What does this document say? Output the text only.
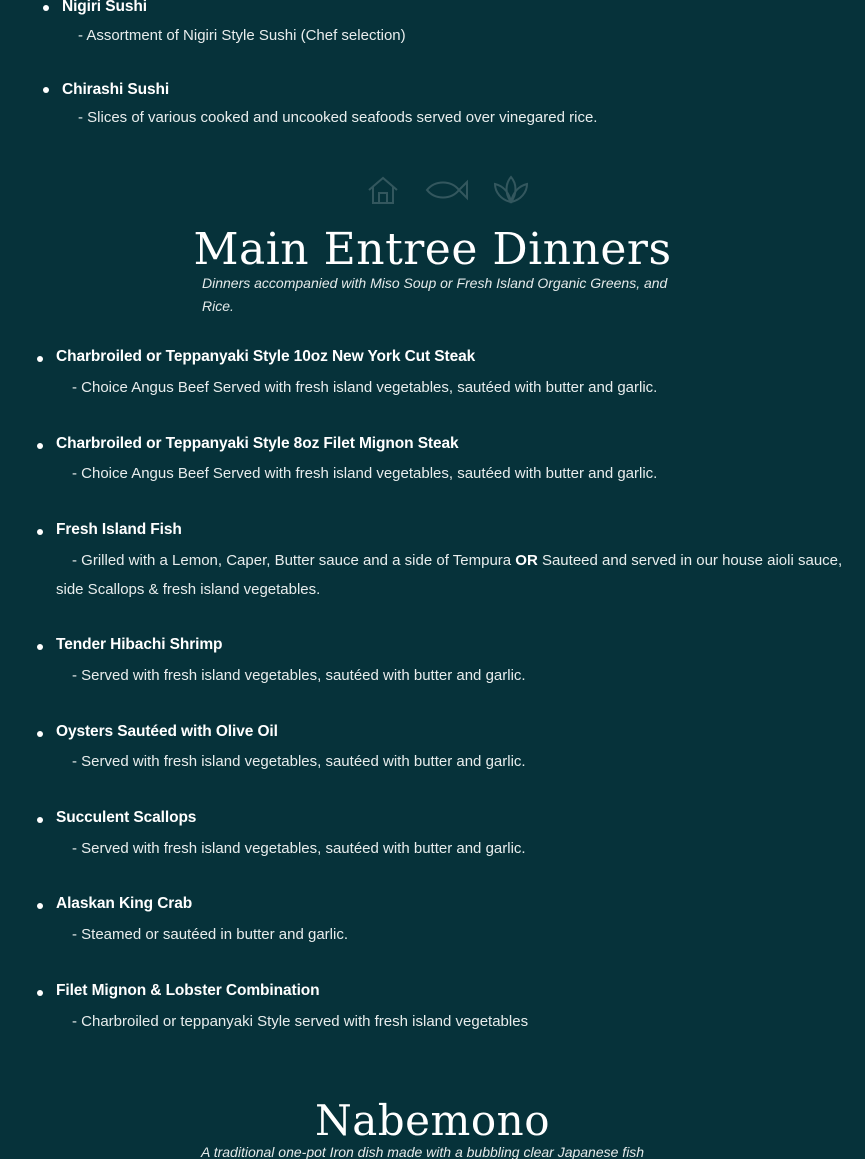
Nigiri Sushi
- Assortment of Nigiri Style Sushi (Chef selection)
Chirashi Sushi
- Slices of various cooked and uncooked seafoods served over vinegared rice.
Main Entree Dinners
Dinners accompanied with Miso Soup or Fresh Island Organic Greens, and Rice.
Charbroiled or Teppanyaki Style 10oz New York Cut Steak
- Choice Angus Beef Served with fresh island vegetables, sautéed with butter and garlic.
Charbroiled or Teppanyaki Style 8oz Filet Mignon Steak
- Choice Angus Beef Served with fresh island vegetables, sautéed with butter and garlic.
Fresh Island Fish
- Grilled with a Lemon, Caper, Butter sauce and a side of Tempura OR Sauteed and served in our house aioli sauce, side Scallops & fresh island vegetables.
Tender Hibachi Shrimp
- Served with fresh island vegetables, sautéed with butter and garlic.
Oysters Sautéed with Olive Oil
- Served with fresh island vegetables, sautéed with butter and garlic.
Succulent Scallops
- Served with fresh island vegetables, sautéed with butter and garlic.
Alaskan King Crab
- Steamed or sautéed in butter and garlic.
Filet Mignon & Lobster Combination
- Charbroiled or teppanyaki Style served with fresh island vegetables
Nabemono
A traditional one-pot Iron dish made with a bubbling clear Japanese fish
